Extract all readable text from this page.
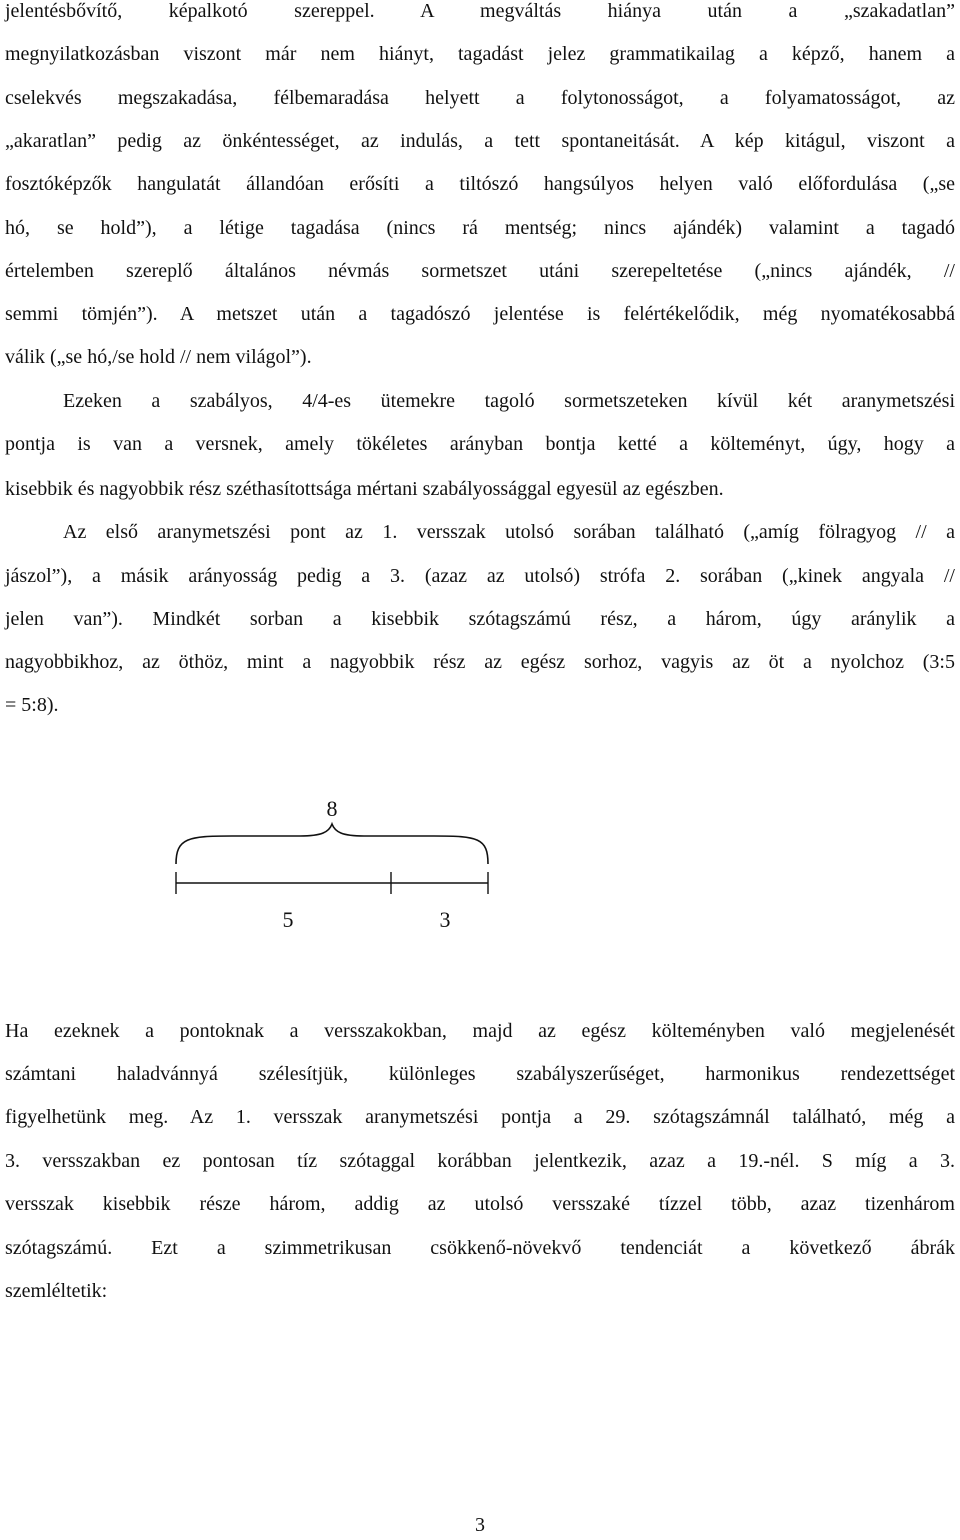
jelentésbővítő, képalkotó szereppel. A megváltás hiánya után a „szakadatlan”
megnyilatkozásban viszont már nem hiányt, tagadást jelez grammatikailag a képző, hanem a
cselekvés megszakadása, félbemaradása helyett a folytonosságot, a folyamatosságot, az
„akaratlan” pedig az önkéntességet, az indulás, a tett spontaneitását. A kép kitágul, viszont a
fosztóképzők hangulatát állandóan erősíti a tiltószó hangsúlyos helyen való előfordulása („se
hó, se hold”), a létige tagadása (nincs rá mentség; nincs ajándék) valamint a tagadó
értelemben szereplő általános névmás sormetszet utáni szerepeltetése („nincs ajándék, //
semmi tömjén”). A metszet után a tagadószó jelentése is felértékelődik, még nyomatékosabbá
válik („se hó,/se hold // nem világol”).
Ezeken a szabályos, 4/4-es ütemekre tagoló sormetszeteken kívül két aranymetszési
pontja is van a versnek, amely tökéletes arányban bontja ketté a költeményt, úgy, hogy a
kisebbik és nagyobbik rész széthasítottsága mértani szabályossággal egyesül az egészben.
Az első aranymetszési pont az 1. versszak utolsó sorában található („amíg fölragyog // a
jászol”), a másik arányosság pedig a 3. (azaz az utolsó) strófa 2. sorában („kinek angyala //
jelen van”). Mindkét sorban a kisebbik szótagszámú rész, a három, úgy aránylik a
nagyobbikhoz, az öthöz, mint a nagyobbik rész az egész sorhoz, vagyis az öt a nyolchoz (3:5
= 5:8).
8
5	3
Ha ezeknek a pontoknak a versszakokban, majd az egész költeményben való megjelenését
számtani haladvánnyá szélesítjük, különleges szabályszerűséget, harmonikus rendezettséget
figyelhetünk meg. Az 1. versszak aranymetszési pontja a 29. szótagszámnál található, még a
3. versszakban ez pontosan tíz szótaggal korábban jelentkezik, azaz a 19.-nél. S míg a 3.
versszak kisebbik része három, addig az utolsó versszaké tízzel több, azaz tizenhárom
szótagszámú. Ezt a szimmetrikusan csökkenő-növekvő tendenciát a következő ábrák
szemléltetik:
3
